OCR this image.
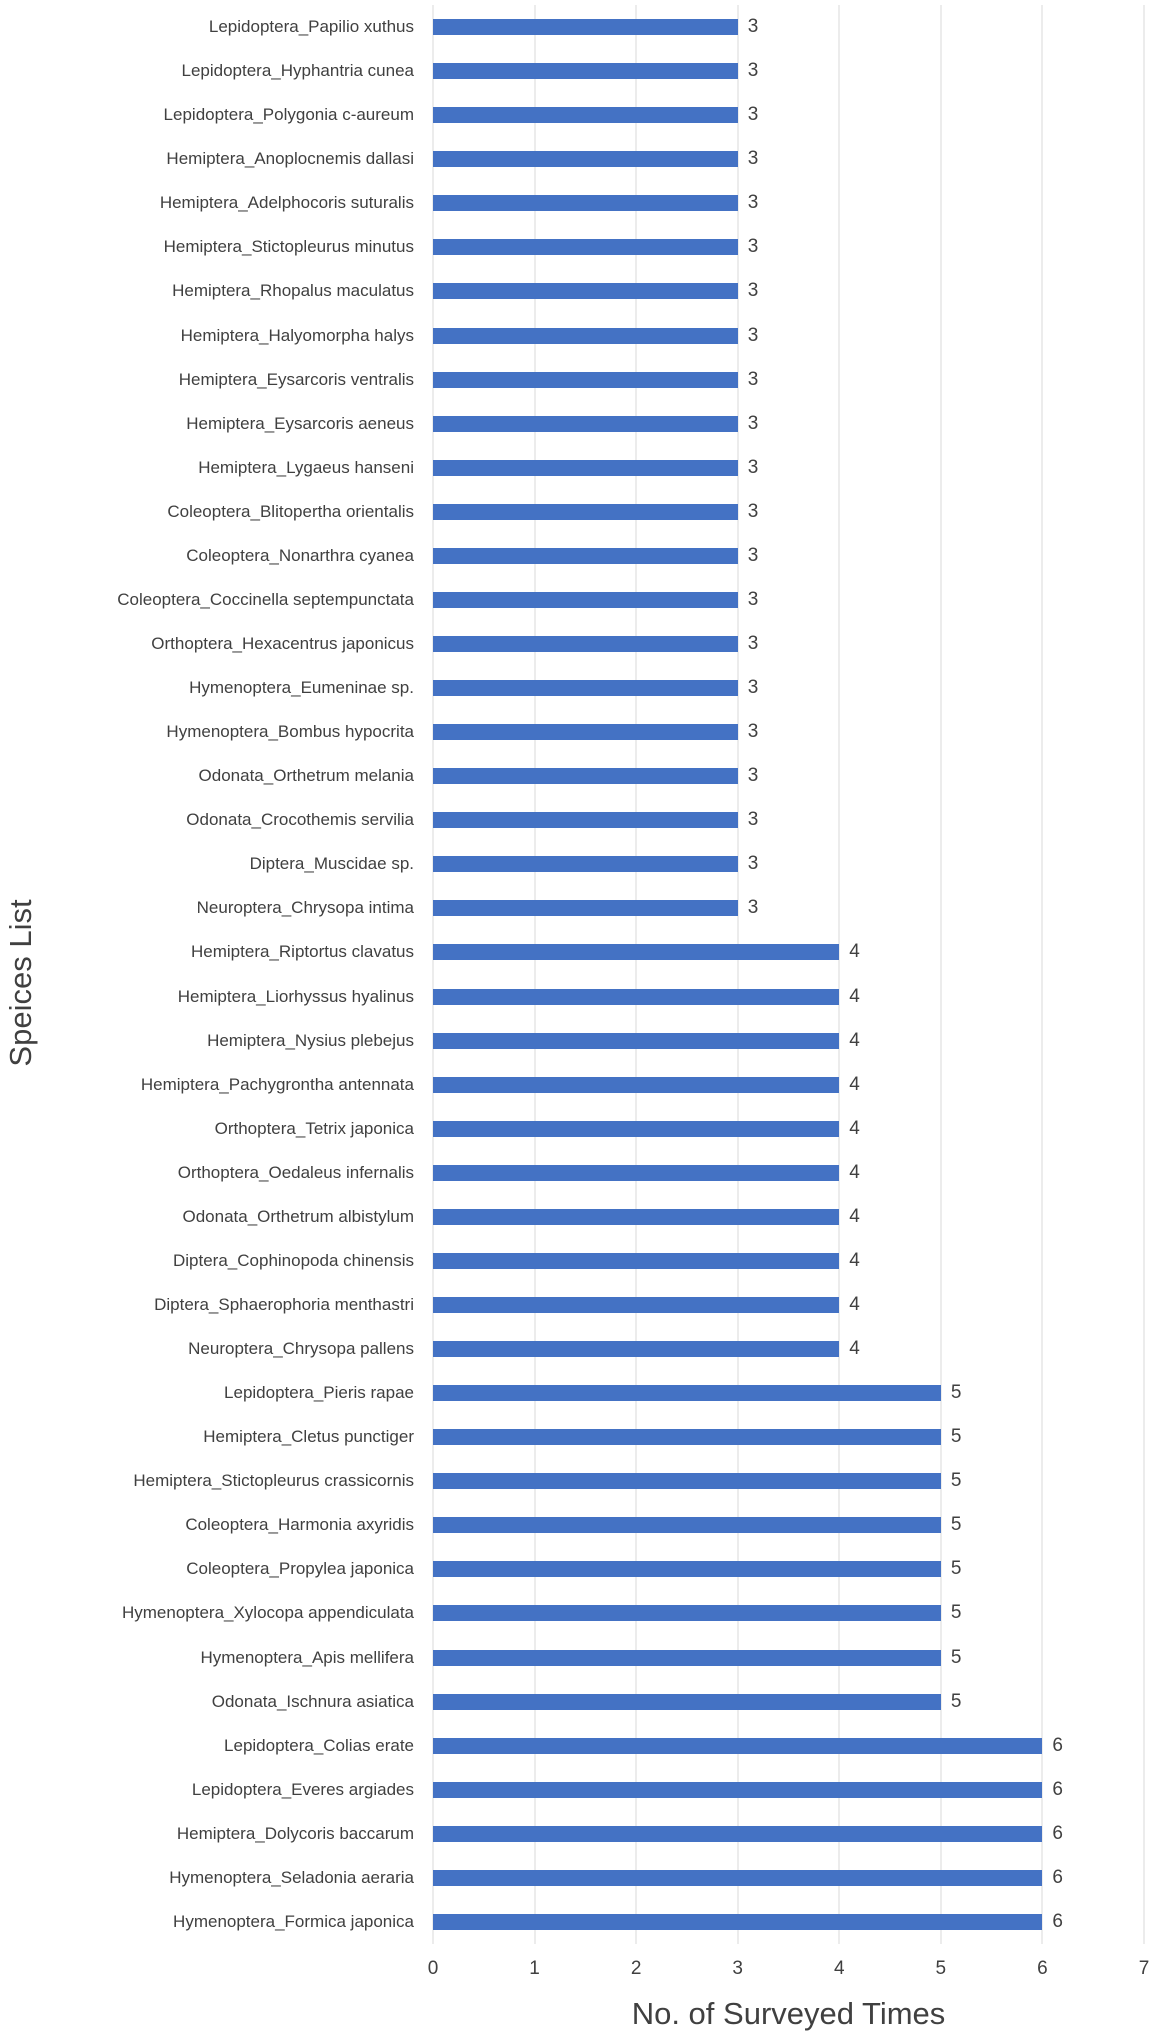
Speices List
Lepidoptera_Papilio xuthus
Lepidoptera_Hyphantria cunea
Lepidoptera_Polygonia c-aureum
Hemiptera_Anoplocnemis dallasi
Hemiptera_Adelphocoris suturalis
Hemiptera_Stictopleurus minutus
Hemiptera_Rhopalus maculatus
Hemiptera_Halyomorpha halys
Hemiptera_Eysarcoris ventralis
Hemiptera_Eysarcoris aeneus
Hemiptera_Lygaeus hanseni
Coleoptera_Blitopertha orientalis
Coleoptera_Nonarthra cyanea
Coleoptera_Coccinella septempunctata
Orthoptera_Hexacentrus japonicus
Hymenoptera_Eumeninae sp.
Hymenoptera_Bombus hypocrita
Odonata_Orthetrum melania
Odonata_Crocothemis servilia
Diptera_Muscidae sp.
Neuroptera_Chrysopa intima
Hemiptera_Riptortus clavatus
Hemiptera_Liorhyssus hyalinus
Hemiptera_Nysius plebejus
Hemiptera_Pachygrontha antennata
Orthoptera_Tetrix japonica
Orthoptera_Oedaleus infernalis
Odonata_Orthetrum albistylum
Diptera_Cophinopoda chinensis
Diptera_Sphaerophoria menthastri
Neuroptera_Chrysopa pallens
Lepidoptera_Pieris rapae
Hemiptera_Cletus punctiger
Hemiptera_Stictopleurus crassicornis
Coleoptera_Harmonia axyridis
Coleoptera_Propylea japonica
Hymenoptera_Xylocopa appendiculata
Hymenoptera_Apis mellifera
Odonata_Ischnura asiatica
Lepidoptera_Colias erate
Lepidoptera_Everes argiades
Hemiptera_Dolycoris baccarum
Hymenoptera_Seladonia aeraria
Hymenoptera_Formica japonica
3
3
3
3
3
3
3
3
3
3
3
3
3
3
3
3
3
3
3
3
3
4
4
4
4
4
4
4
4
4
4
5
5
5
5
5
5
5
5
6
6
6
6
6
0	1	2	3	4	5	6	7
No. of Surveyed Times
